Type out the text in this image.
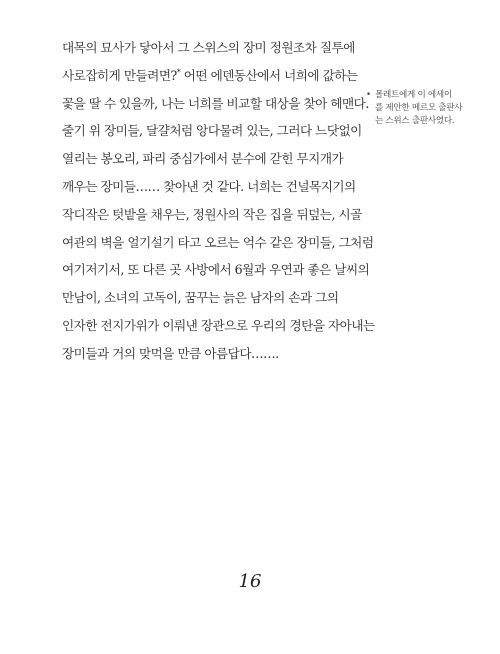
대목의 묘사가 닿아서 그 스위스의 장미 정원조차 질투에
사로잡히게 만들려면?* 어떤 에덴동산에서 너희에 값하는
꽃을 딸 수 있을까, 나는 너희를 비교할 대상을 찾아 헤맨다.
줄기 위 장미들, 달걀처럼 앙다물려 있는, 그러다 느닷없이
열리는 봉오리, 파리 중심가에서 분수에 갇힌 무지개가
깨우는 장미들…… 찾아낸 것 같다. 너희는 건널목지기의
작디작은 텃밭을 채우는, 정원사의 작은 집을 뒤덮는, 시골
여관의 벽을 얼기설기 타고 오르는 억수 같은 장미들, 그처럼
여기저기서, 또 다른 곳 사방에서 6월과 우연과 좋은 날씨의
만남이, 소녀의 고독이, 꿈꾸는 늙은 남자의 손과 그의
인자한 전지가위가 이뤄낸 장관으로 우리의 경탄을 자아내는
장미들과 거의 맞먹을 만큼 아름답다…….
• 몰레트에게 이 에세이
를 제안한 메르모 출판사
는 스위스 출판사였다.
16
